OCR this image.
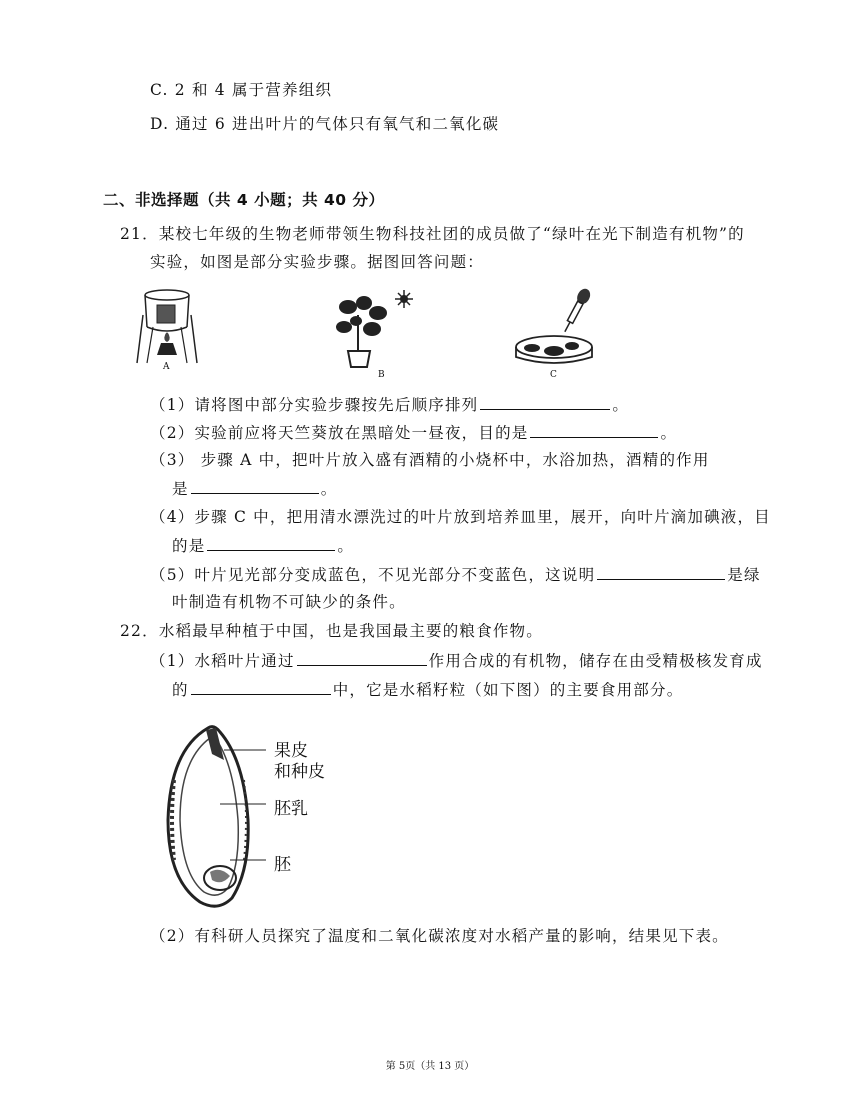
C. 2 和 4 属于营养组织
D. 通过 6 进出叶片的气体只有氧气和二氧化碳
二、非选择题（共 4 小题；共 40 分）
21．某校七年级的生物老师带领生物科技社团的成员做了“绿叶在光下制造有机物”的
实验，如图是部分实验步骤。据图回答问题：
A
B	C
（1）请将图中部分实验步骤按先后顺序排列	。
（2）实验前应将天竺葵放在黑暗处一昼夜，目的是	。
（3） 步骤 A 中，把叶片放入盛有酒精的小烧杯中，水浴加热，酒精的作用
是	。
（4）步骤 C 中，把用清水漂洗过的叶片放到培养皿里，展开，向叶片滴加碘液，目
的是	。
（5）叶片见光部分变成蓝色，不见光部分不变蓝色，这说明	是绿
叶制造有机物不可缺少的条件。
22．水稻最早种植于中国，也是我国最主要的粮食作物。
（1）水稻叶片通过	作用合成的有机物，储存在由受精极核发育成
的	中，它是水稻籽粒（如下图）的主要食用部分。
果皮
和种皮
胚乳
胚
（2）有科研人员探究了温度和二氧化碳浓度对水稻产量的影响，结果见下表。
第 5页（共 13 页）
